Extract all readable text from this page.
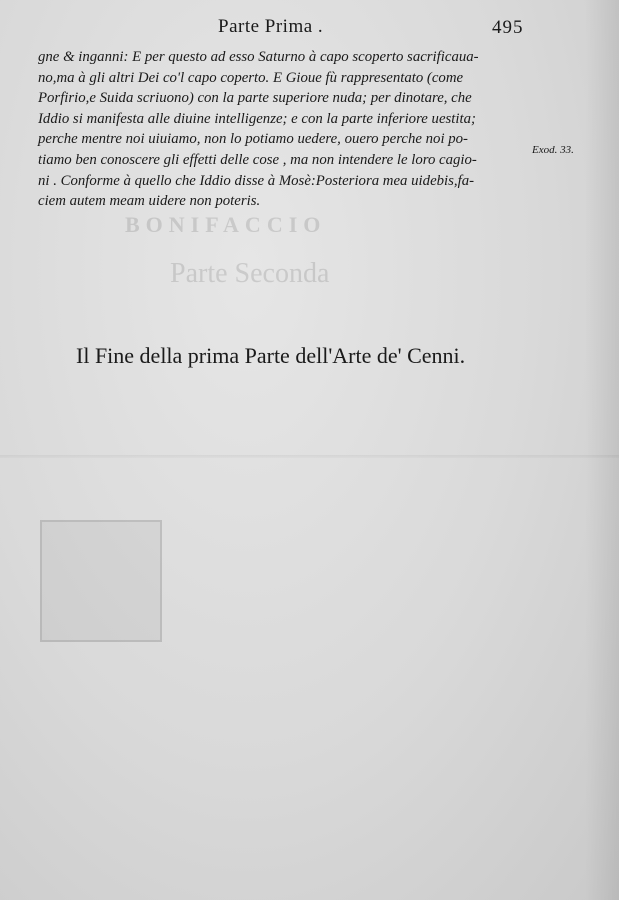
BONIFACCIO
Parte Seconda
Parte Prima .	495
gne & inganni: E per questo ad esso Saturno à capo scoperto sacrificaua-
no,ma à gli altri Dei co'l capo coperto. E Gioue fù rappresentato (come
Porfirio,e Suida scriuono) con la parte superiore nuda; per dinotare, che
Iddio si manifesta alle diuine intelligenze; e con la parte inferiore uestita;
perche mentre noi uiuiamo, non lo potiamo uedere, ouero perche noi po-
tiamo ben conoscere gli effetti delle cose , ma non intendere le loro cagio-
ni . Conforme à quello che Iddio disse à Mosè:Posteriora mea uidebis,fa-
ciem autem meam uidere non poteris.
Exod. 33.
Il Fine della prima Parte dell'Arte de' Cenni.
